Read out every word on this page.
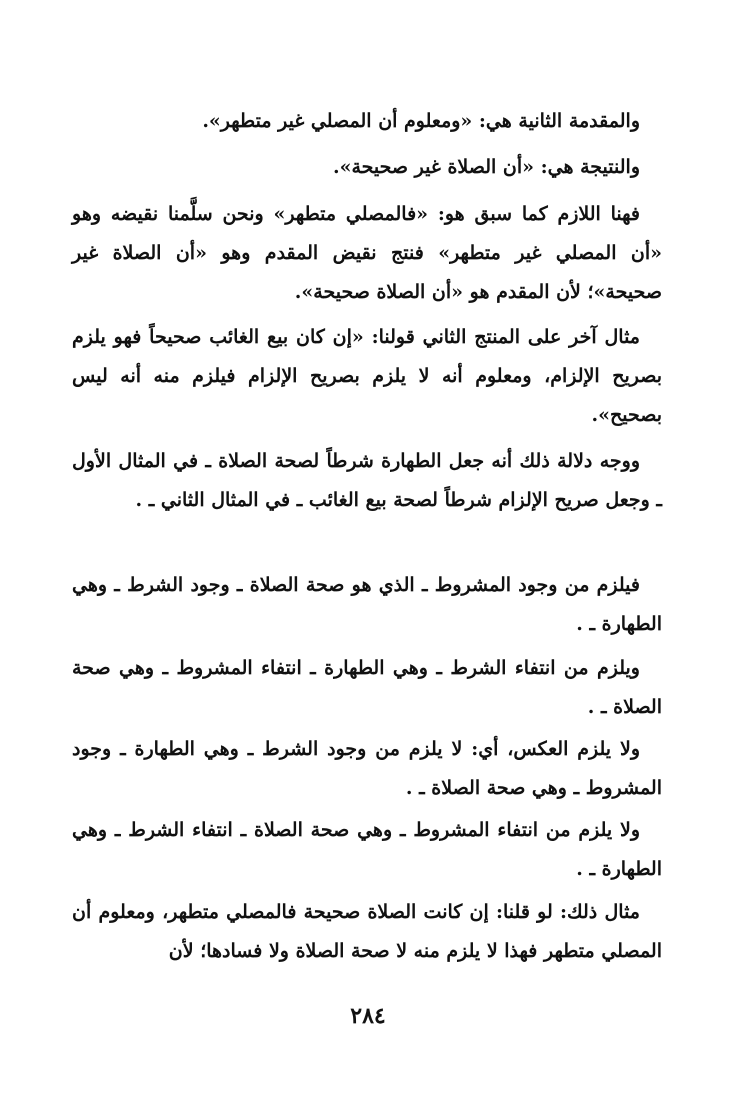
والمقدمة الثانية هي: «ومعلوم أن المصلي غير متطهر».

والنتيجة هي: «أن الصلاة غير صحيحة».

فهنا اللازم كما سبق هو: «فالمصلي متطهر» ونحن سلَّمنا نقيضه وهو «أن المصلي غير متطهر» فنتج نقيض المقدم وهو «أن الصلاة غير صحيحة»؛ لأن المقدم هو «أن الصلاة صحيحة».

مثال آخر على المنتج الثاني قولنا: «إن كان بيع الغائب صحيحاً فهو يلزم بصريح الإلزام، ومعلوم أنه لا يلزم بصريح الإلزام فيلزم منه أنه ليس بصحيح».

ووجه دلالة ذلك أنه جعل الطهارة شرطاً لصحة الصلاة ـ في المثال الأول ـ وجعل صريح الإلزام شرطاً لصحة بيع الغائب ـ في المثال الثاني ـ .

فيلزم من وجود المشروط ـ الذي هو صحة الصلاة ـ وجود الشرط ـ وهي الطهارة ـ .

ويلزم من انتفاء الشرط ـ وهي الطهارة ـ انتفاء المشروط ـ وهي صحة الصلاة ـ .

ولا يلزم العكس، أي: لا يلزم من وجود الشرط ـ وهي الطهارة ـ وجود المشروط ـ وهي صحة الصلاة ـ .

ولا يلزم من انتفاء المشروط ـ وهي صحة الصلاة ـ انتفاء الشرط ـ وهي الطهارة ـ .

مثال ذلك: لو قلنا: إن كانت الصلاة صحيحة فالمصلي متطهر، ومعلوم أن المصلي متطهر فهذا لا يلزم منه لا صحة الصلاة ولا فسادها؛ لأن

٢٨٤
